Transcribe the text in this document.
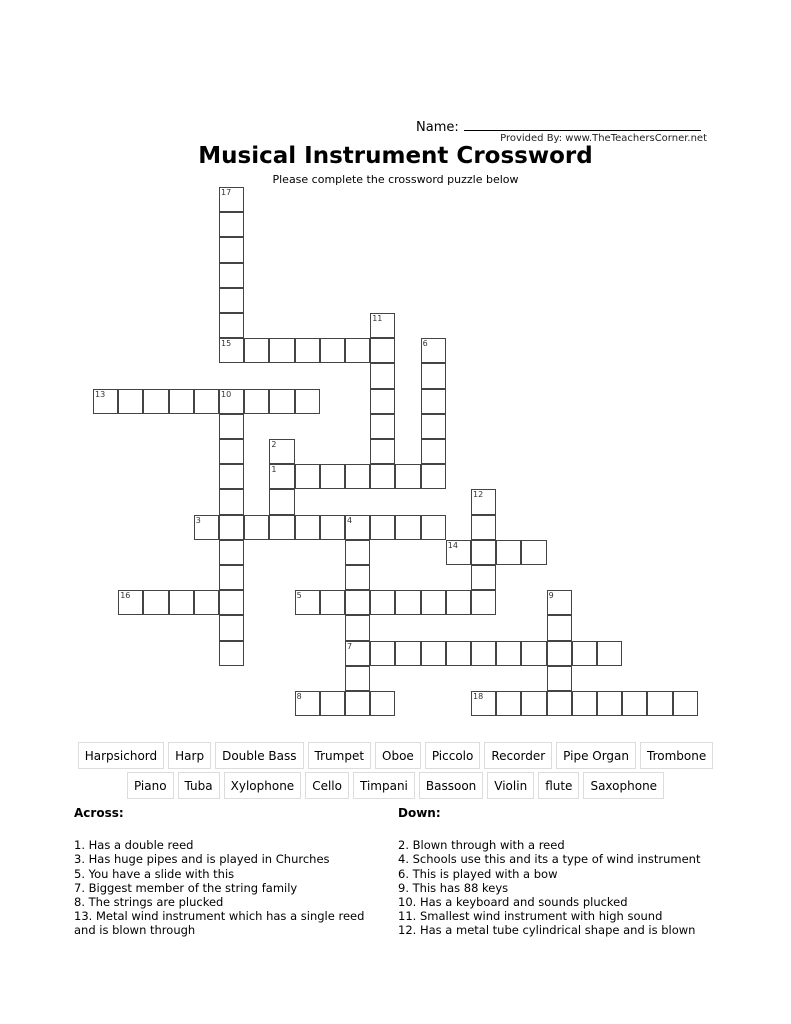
Name:
Provided By: www.TheTeachersCorner.net
Musical Instrument Crossword
Please complete the crossword puzzle below
17
15
11
6
13	10
2
1
12
3	4
7
14
16	5	9
8	18
Harpsichord	Harp	Double Bass	Trumpet	Oboe	Piccolo	Recorder	Pipe Organ	Trombone
Piano	Tuba	Xylophone	Cello	Timpani	Bassoon	Violin	flute	Saxophone
Across:
1. Has a double reed
3. Has huge pipes and is played in Churches
5. You have a slide with this
7. Biggest member of the string family
8. The strings are plucked
13. Metal wind instrument which has a single reed and is blown through
Down:
2. Blown through with a reed
4. Schools use this and its a type of wind instrument
6. This is played with a bow
9. This has 88 keys
10. Has a keyboard and sounds plucked
11. Smallest wind instrument with high sound
12. Has a metal tube cylindrical shape and is blown
